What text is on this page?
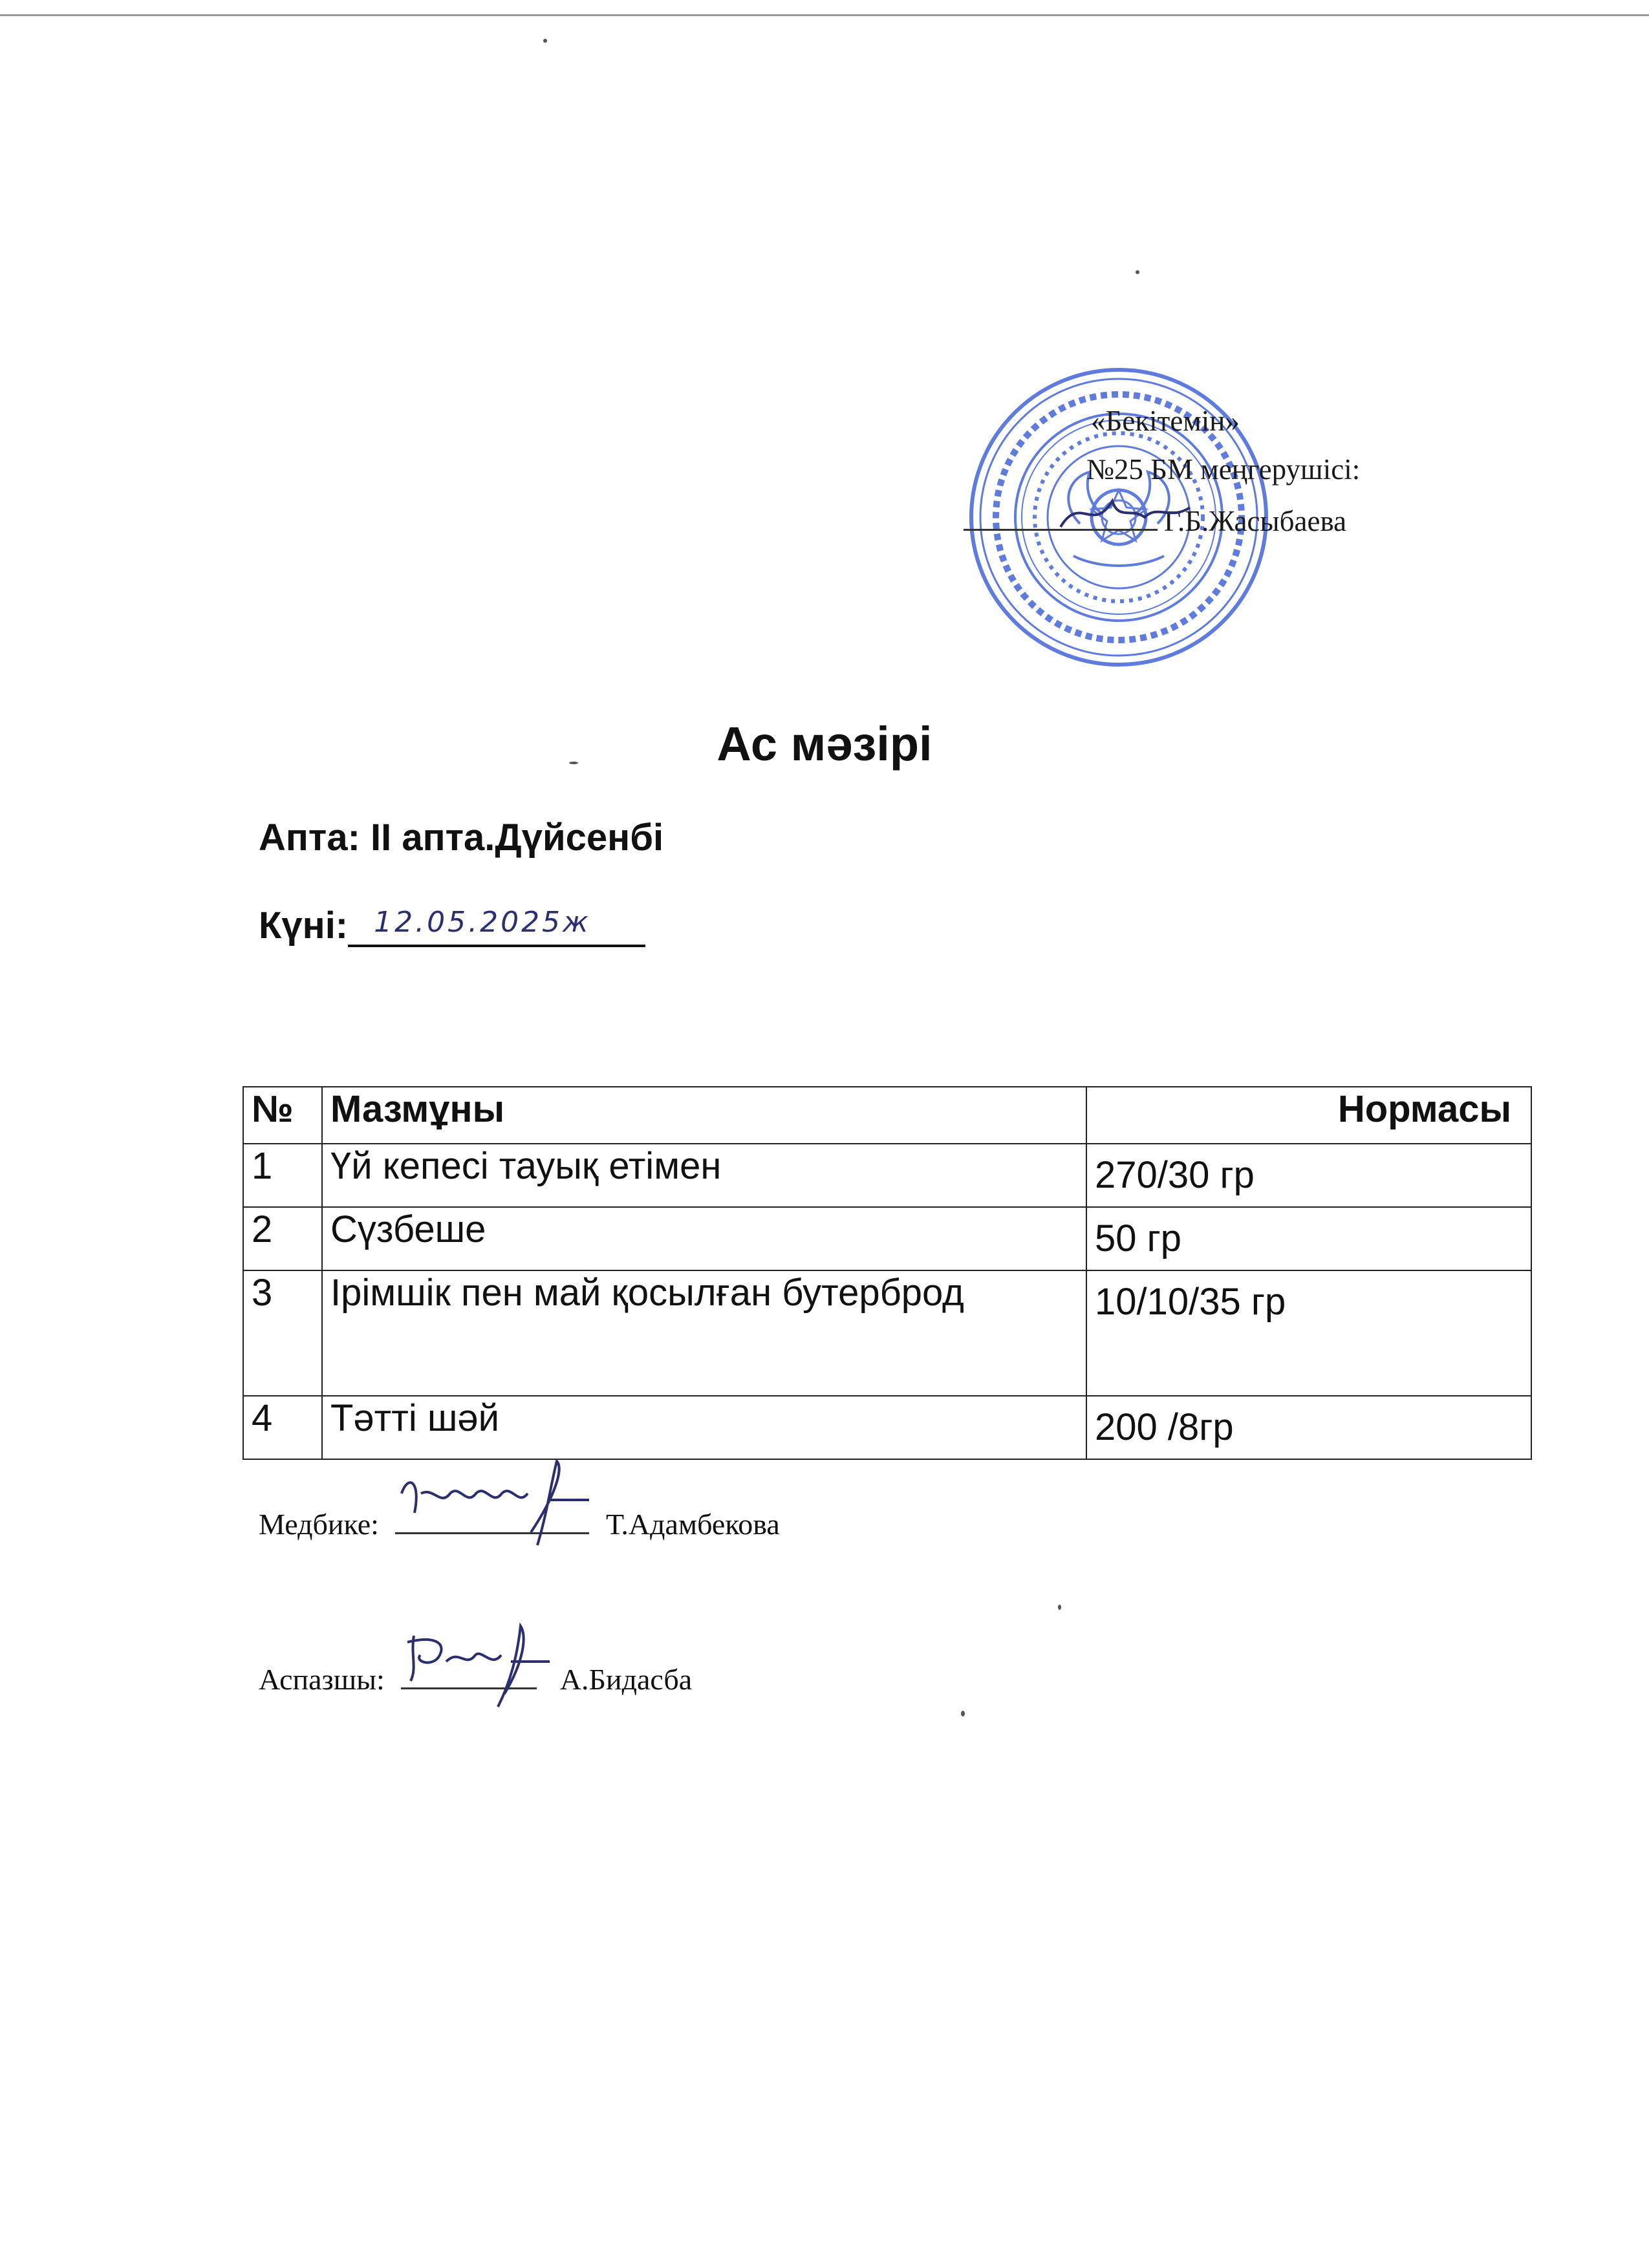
«Бекітемін»
№25 БМ меңгерушісі:
Г.Б.Жасыбаева
Ас мәзірі
Апта: II апта.Дүйсенбі
Күні: 12.05.2025ж
№	Мазмұны	Нормасы
1	Үй кепесі тауық етімен	270/30 гр
2	Сүзбеше	50 гр
3	Ірімшік пен май қосылған бутерброд	10/10/35 гр
4	Тәтті шәй	200 /8гр
Медбике:	Т.Адамбекова
Аспазшы:	А.Бидасба
